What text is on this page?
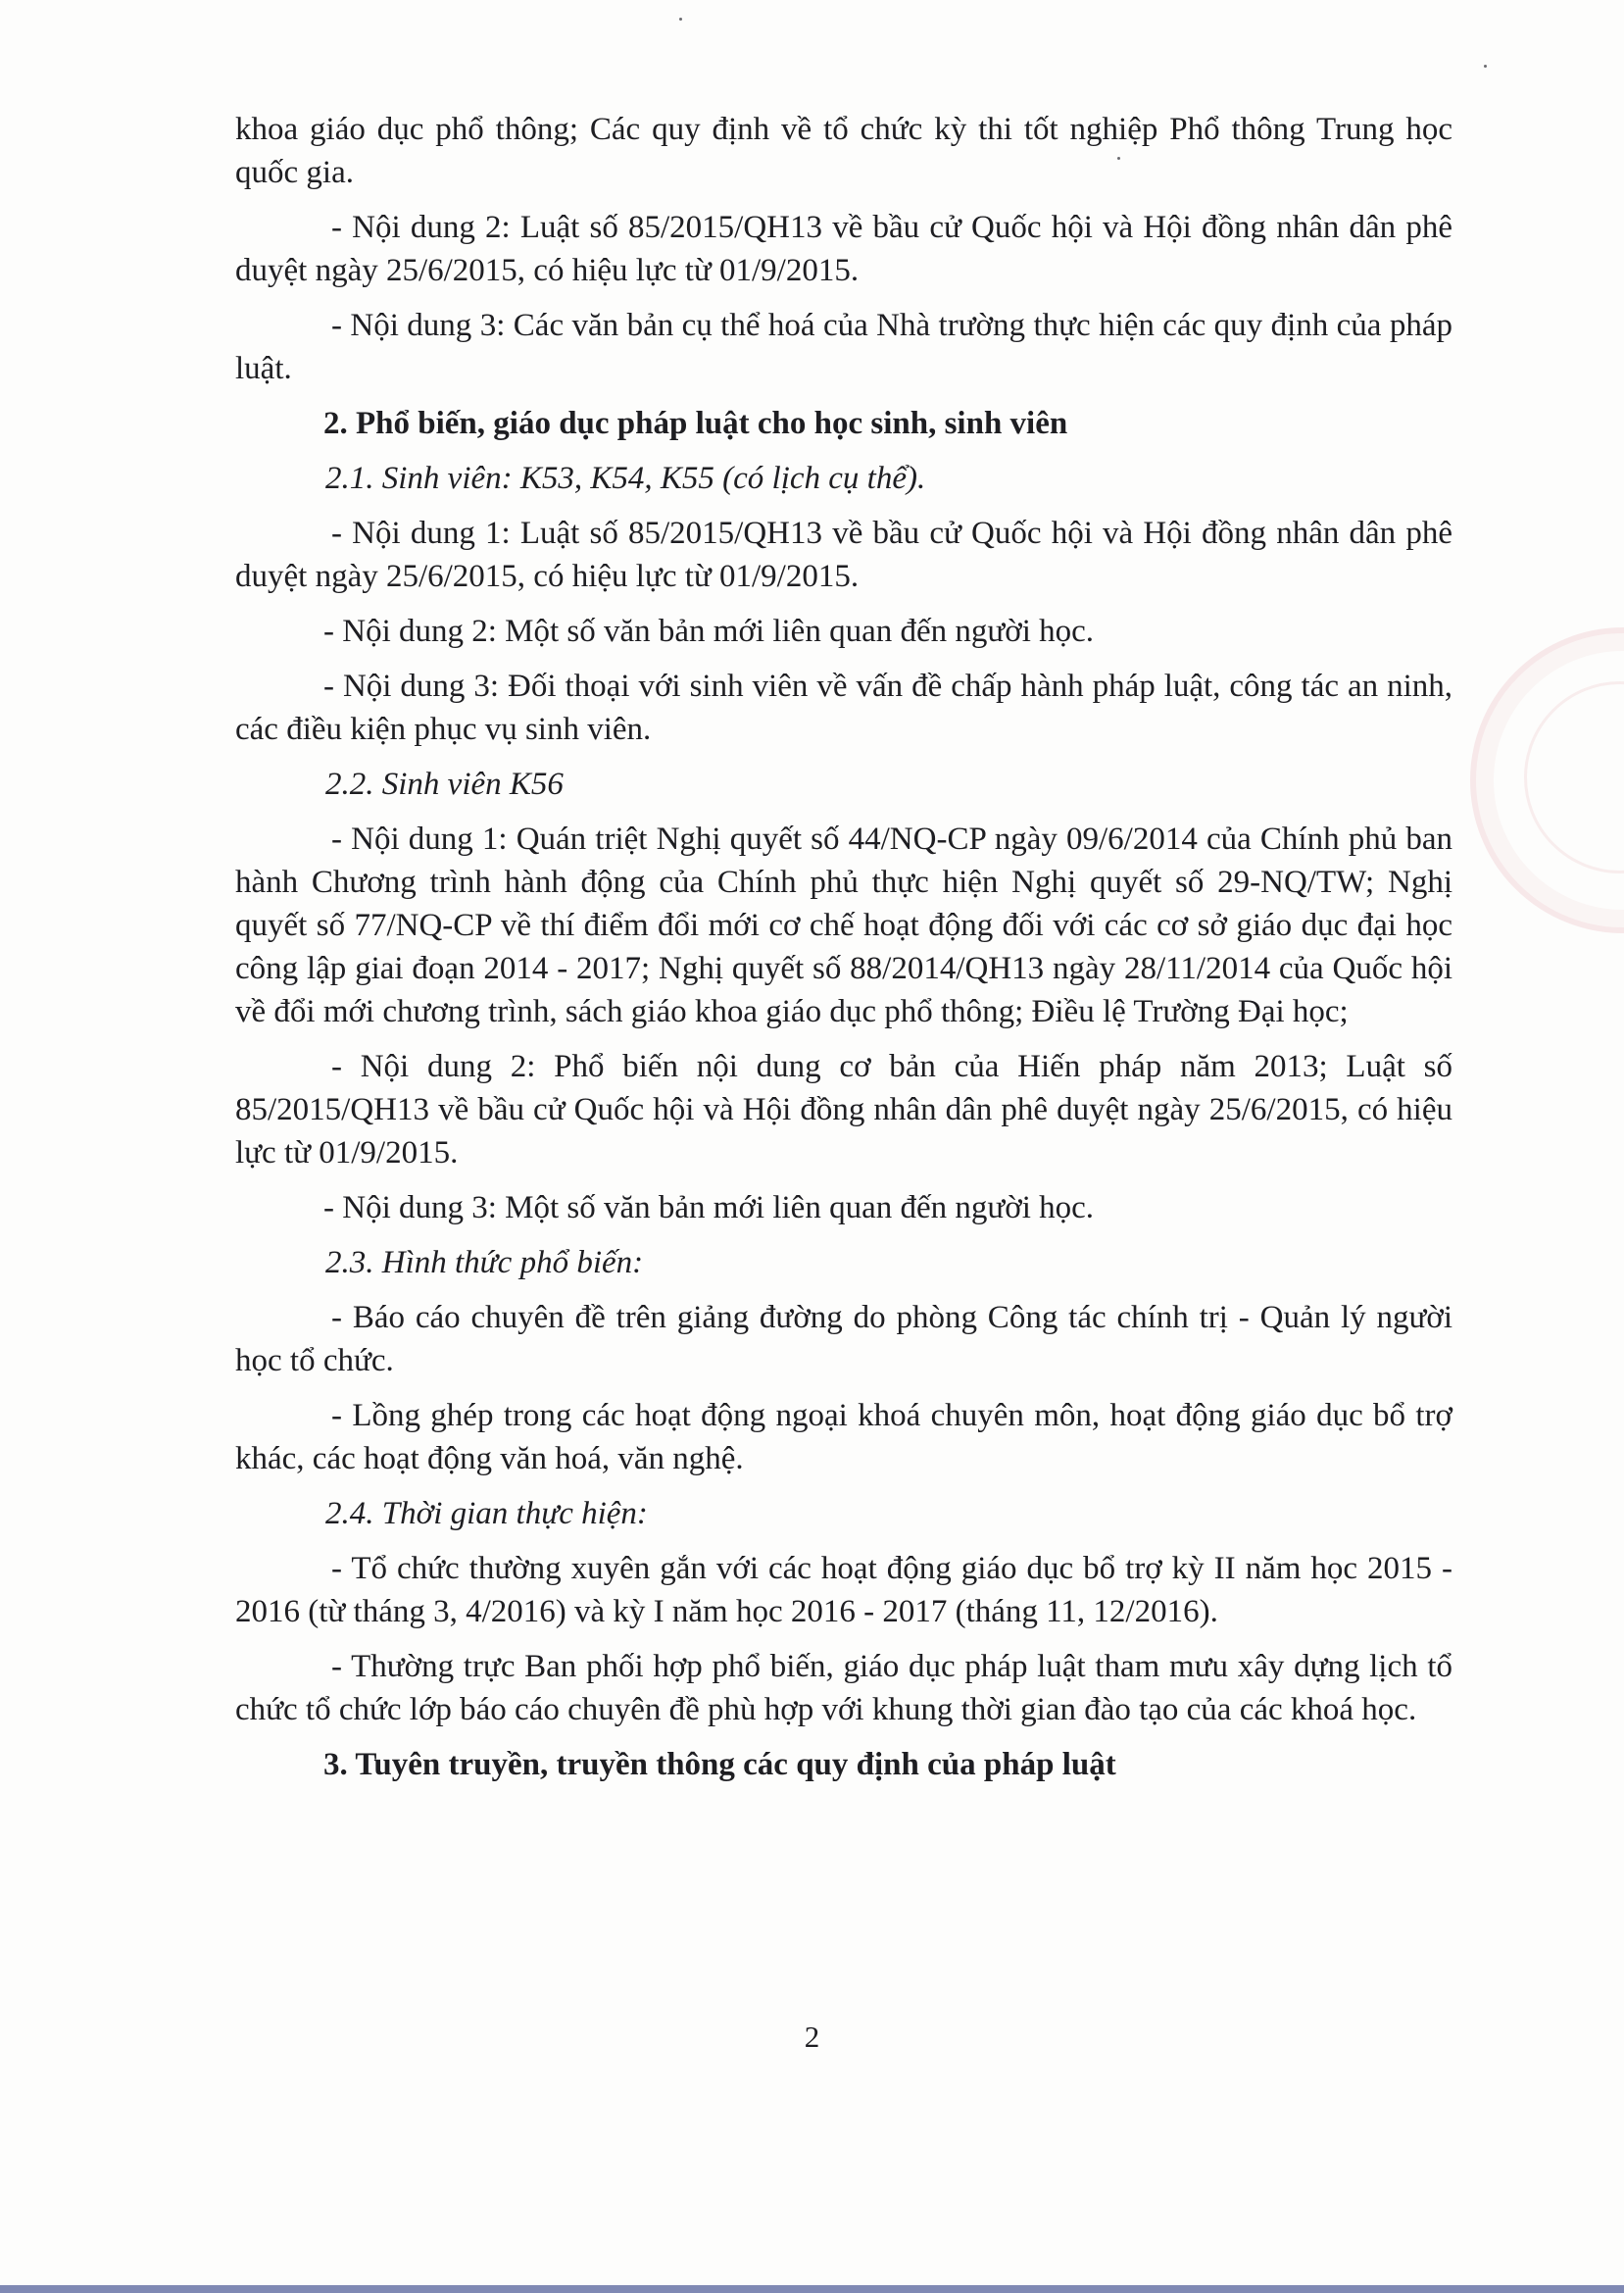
khoa giáo dục phổ thông; Các quy định về tổ chức kỳ thi tốt nghiệp Phổ thông Trung học quốc gia.

- Nội dung 2: Luật số 85/2015/QH13 về bầu cử Quốc hội và Hội đồng nhân dân phê duyệt ngày 25/6/2015, có hiệu lực từ 01/9/2015.

- Nội dung 3: Các văn bản cụ thể hoá của Nhà trường thực hiện các quy định của pháp luật.

2. Phổ biến, giáo dục pháp luật cho học sinh, sinh viên

2.1. Sinh viên: K53, K54, K55 (có lịch cụ thể).

- Nội dung 1: Luật số 85/2015/QH13 về bầu cử Quốc hội và Hội đồng nhân dân phê duyệt ngày 25/6/2015, có hiệu lực từ 01/9/2015.

- Nội dung 2: Một số văn bản mới liên quan đến người học.

- Nội dung 3: Đối thoại với sinh viên về vấn đề chấp hành pháp luật, công tác an ninh, các điều kiện phục vụ sinh viên.

2.2. Sinh viên K56

- Nội dung 1: Quán triệt Nghị quyết số 44/NQ-CP ngày 09/6/2014 của Chính phủ ban hành Chương trình hành động của Chính phủ thực hiện Nghị quyết số 29-NQ/TW; Nghị quyết số 77/NQ-CP về thí điểm đổi mới cơ chế hoạt động đối với các cơ sở giáo dục đại học công lập giai đoạn 2014 - 2017; Nghị quyết số 88/2014/QH13 ngày 28/11/2014 của Quốc hội về đổi mới chương trình, sách giáo khoa giáo dục phổ thông; Điều lệ Trường Đại học;

- Nội dung 2: Phổ biến nội dung cơ bản của Hiến pháp năm 2013; Luật số 85/2015/QH13 về bầu cử Quốc hội và Hội đồng nhân dân phê duyệt ngày 25/6/2015, có hiệu lực từ 01/9/2015.

- Nội dung 3: Một số văn bản mới liên quan đến người học.

2.3. Hình thức phổ biến:

- Báo cáo chuyên đề trên giảng đường do phòng Công tác chính trị - Quản lý người học tổ chức.

- Lồng ghép trong các hoạt động ngoại khoá chuyên môn, hoạt động giáo dục bổ trợ khác, các hoạt động văn hoá, văn nghệ.

2.4. Thời gian thực hiện:

- Tổ chức thường xuyên gắn với các hoạt động giáo dục bổ trợ kỳ II năm học 2015 - 2016 (từ tháng 3, 4/2016) và kỳ I năm học 2016 - 2017 (tháng 11, 12/2016).

- Thường trực Ban phối hợp phổ biến, giáo dục pháp luật tham mưu xây dựng lịch tổ chức tổ chức lớp báo cáo chuyên đề phù hợp với khung thời gian đào tạo của các khoá học.

3. Tuyên truyền, truyền thông các quy định của pháp luật

2
